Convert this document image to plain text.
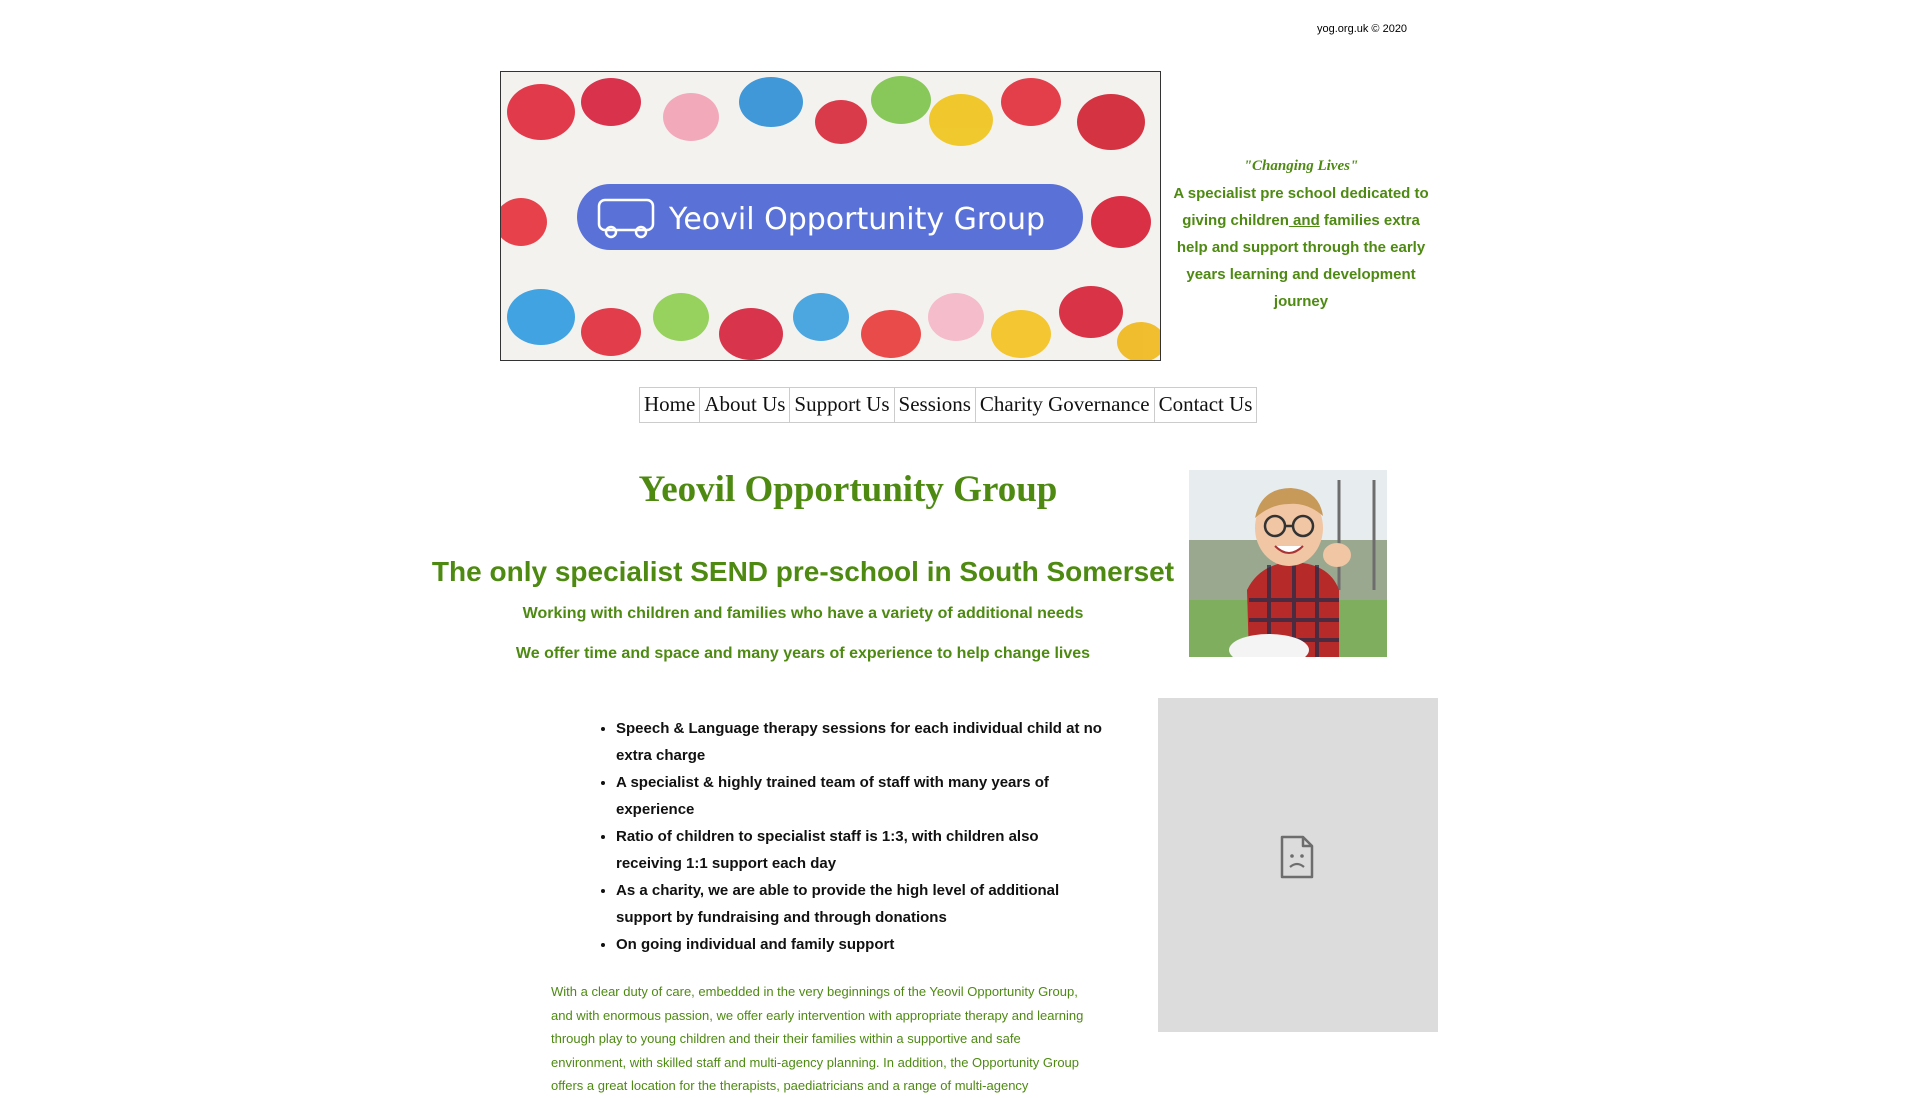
yog.org.uk © 2020
Yeovil Opportunity Group
"Changing Lives"
A specialist pre school dedicated to giving children and families extra help and support through the early years learning and development journey
Home About Us Support Us Sessions Charity Governance Contact Us
Yeovil Opportunity Group
The only specialist SEND pre-school in South Somerset
Working with children and families who have a variety of additional needs
We offer time and space and many years of experience to help change lives
• Speech & Language therapy sessions for each individual child at no extra charge
• A specialist & highly trained team of staff with many years of experience
• Ratio of children to specialist staff is 1:3, with children also receiving 1:1 support each day
• As a charity, we are able to provide the high level of additional support by fundraising and through donations
• On going individual and family support
With a clear duty of care, embedded in the very beginnings of the Yeovil Opportunity Group, and with enormous passion, we offer early intervention with appropriate therapy and learning through play to young children and their their families within a supportive and safe environment, with skilled staff and multi-agency planning. In addition, the Opportunity Group offers a great location for the therapists, paediatricians and a range of multi-agency
